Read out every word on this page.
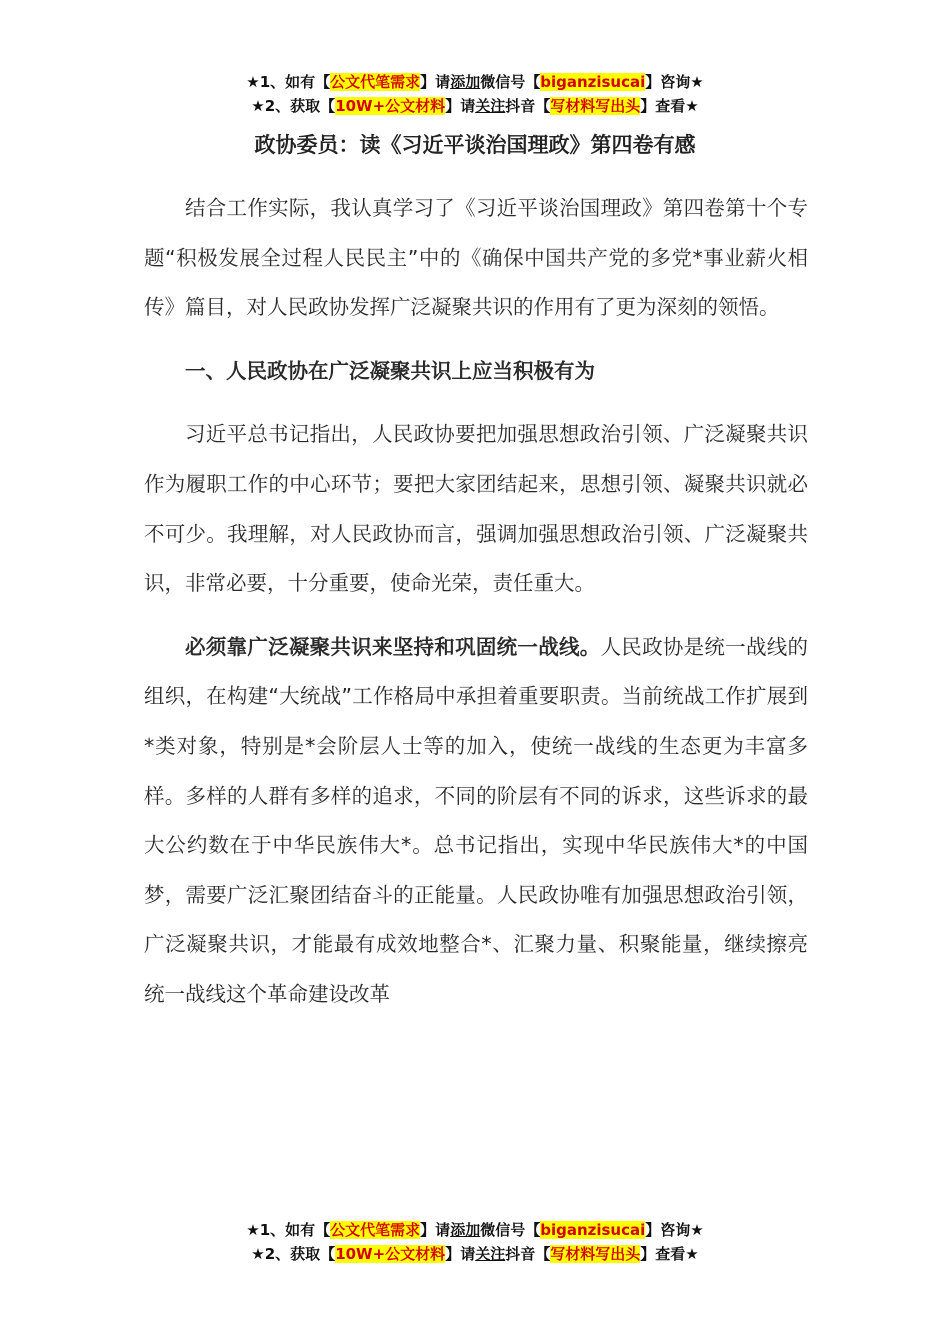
★1、如有【公文代笔需求】请添加微信号【biganzisucai】咨询★
★2、获取【10W+公文材料】请关注抖音【写材料写出头】查看★
政协委员：读《习近平谈治国理政》第四卷有感

结合工作实际，我认真学习了《习近平谈治国理政》第四卷第十个专题“积极发展全过程人民民主”中的《确保中国共产党的多党*事业薪火相传》篇目，对人民政协发挥广泛凝聚共识的作用有了更为深刻的领悟。

一、人民政协在广泛凝聚共识上应当积极有为

习近平总书记指出，人民政协要把加强思想政治引领、广泛凝聚共识作为履职工作的中心环节；要把大家团结起来，思想引领、凝聚共识就必不可少。我理解，对人民政协而言，强调加强思想政治引领、广泛凝聚共识，非常必要，十分重要，使命光荣，责任重大。

必须靠广泛凝聚共识来坚持和巩固统一战线。人民政协是统一战线的组织，在构建“大统战”工作格局中承担着重要职责。当前统战工作扩展到*类对象，特别是*会阶层人士等的加入，使统一战线的生态更为丰富多样。多样的人群有多样的追求，不同的阶层有不同的诉求，这些诉求的最大公约数在于中华民族伟大*。总书记指出，实现中华民族伟大*的中国梦，需要广泛汇聚团结奋斗的正能量。人民政协唯有加强思想政治引领，广泛凝聚共识，才能最有成效地整合*、汇聚力量、积聚能量，继续擦亮统一战线这个革命建设改革

★1、如有【公文代笔需求】请添加微信号【biganzisucai】咨询★
★2、获取【10W+公文材料】请关注抖音【写材料写出头】查看★
